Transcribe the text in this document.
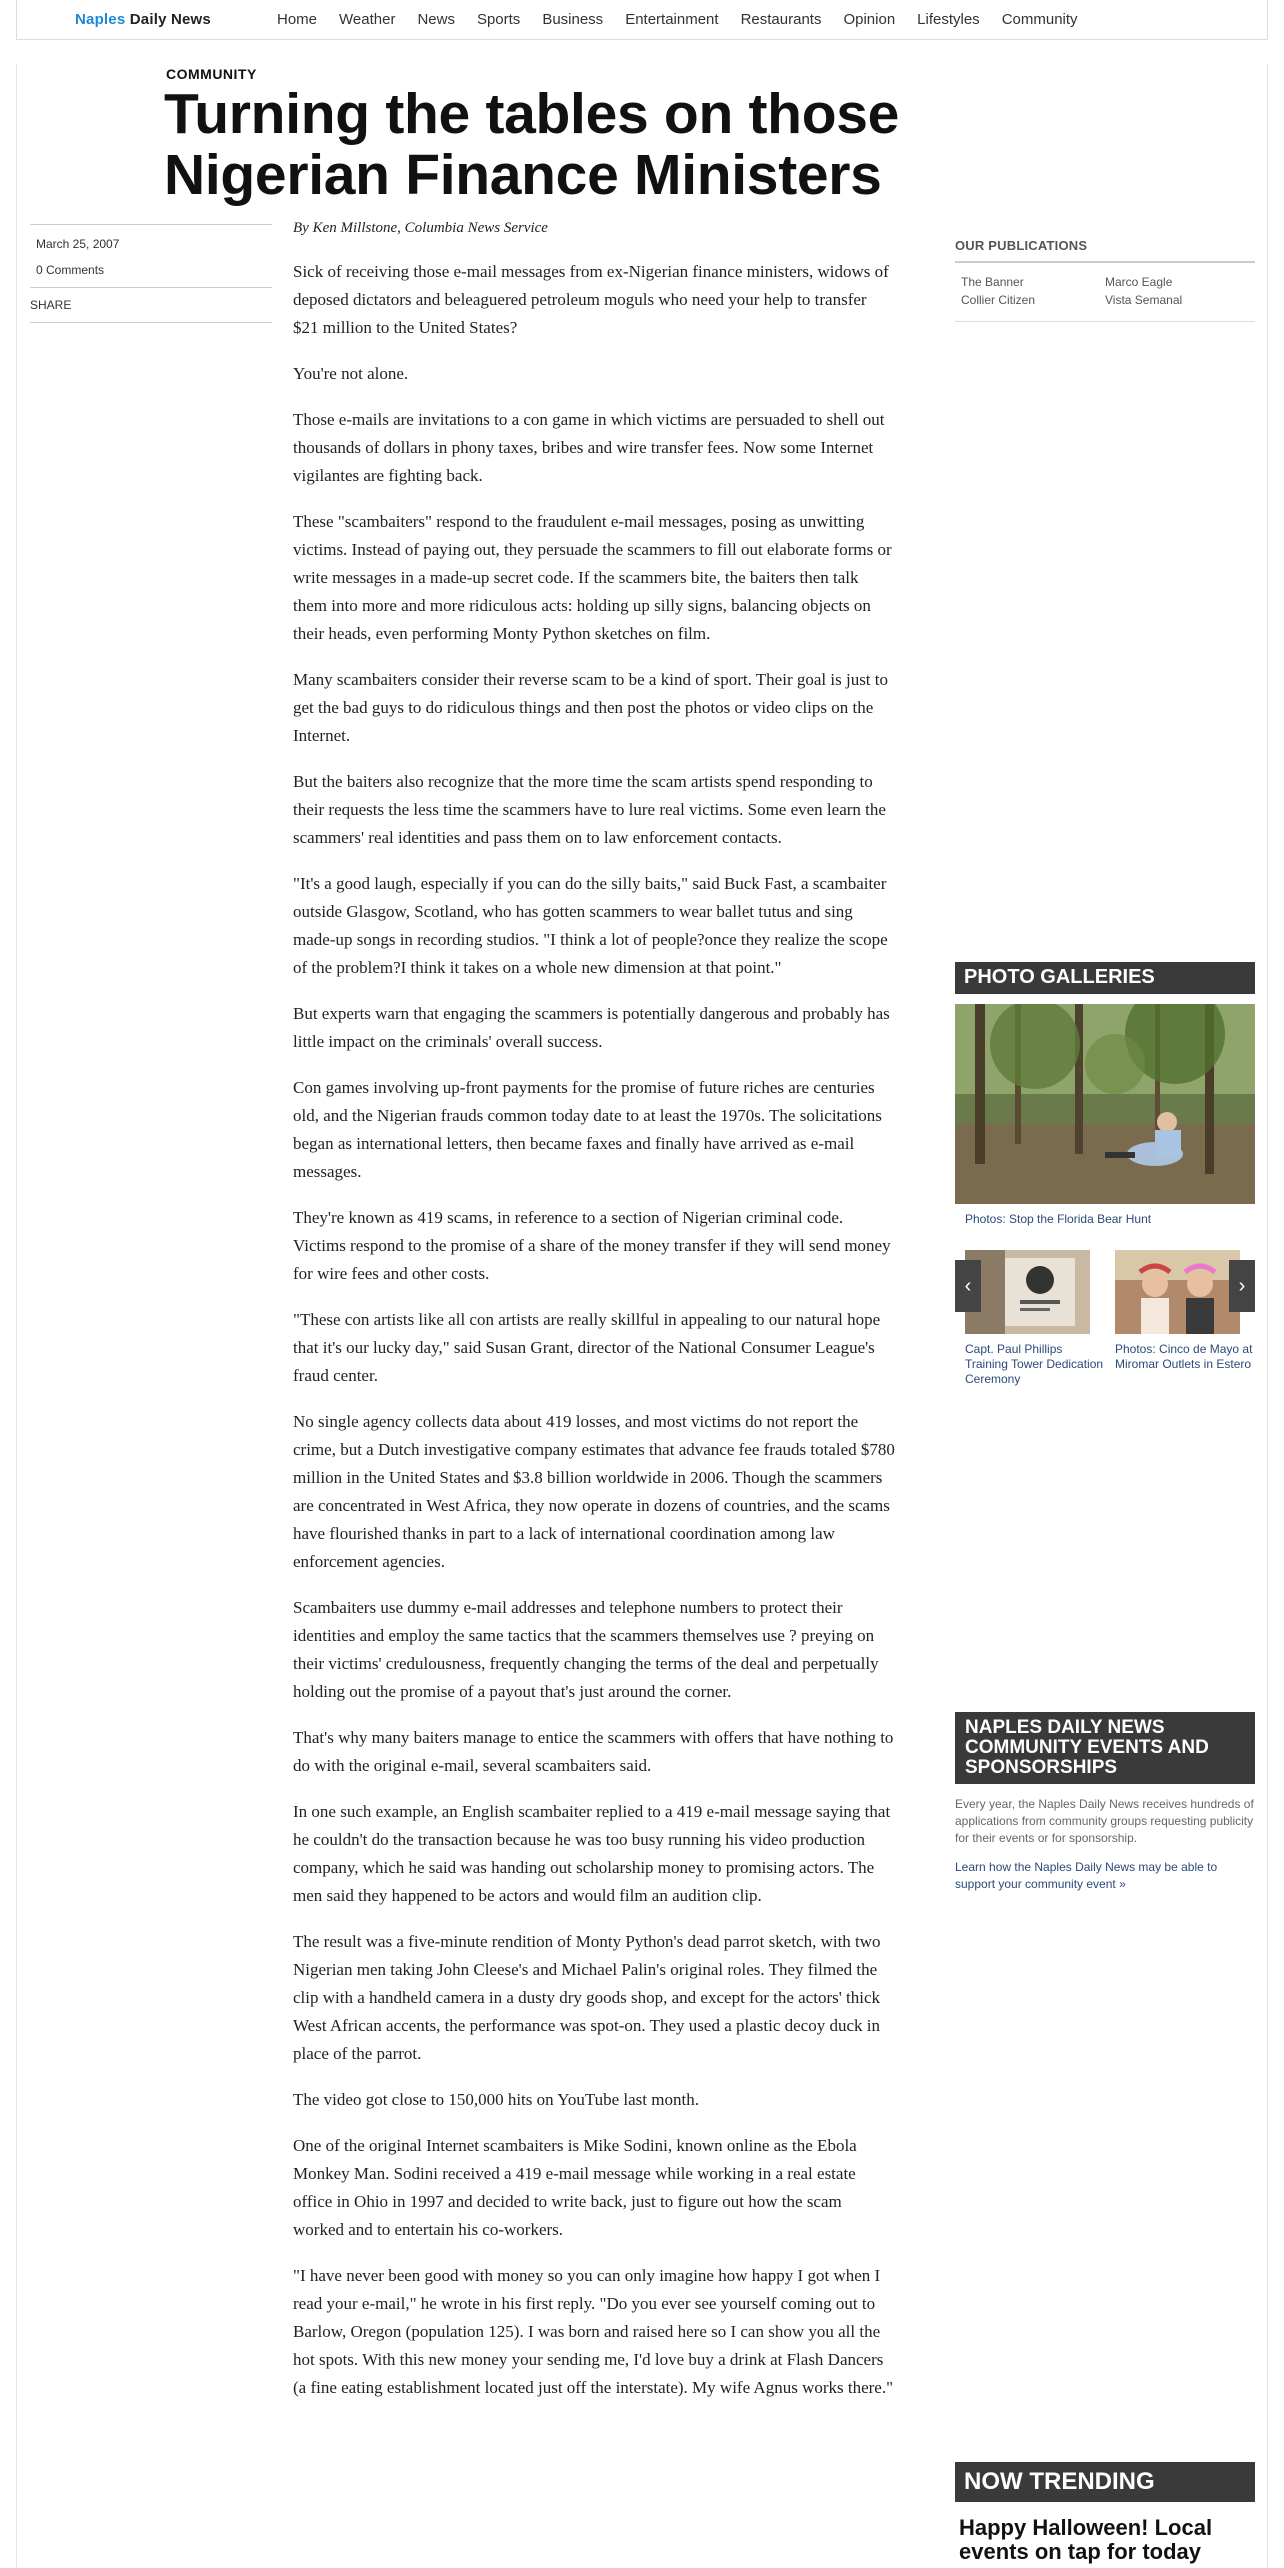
Naples Daily News	Home Weather News Sports Business Entertainment Restaurants Opinion Lifestyles Community
COMMUNITY
Turning the tables on those Nigerian Finance Ministers
March 25, 2007
0 Comments
SHARE
By Ken Millstone, Columbia News Service

Sick of receiving those e-mail messages from ex-Nigerian finance ministers, widows of deposed dictators and beleaguered petroleum moguls who need your help to transfer $21 million to the United States?

You're not alone.

Those e-mails are invitations to a con game in which victims are persuaded to shell out thousands of dollars in phony taxes, bribes and wire transfer fees. Now some Internet vigilantes are fighting back.

These "scambaiters" respond to the fraudulent e-mail messages, posing as unwitting victims. Instead of paying out, they persuade the scammers to fill out elaborate forms or write messages in a made-up secret code. If the scammers bite, the baiters then talk them into more and more ridiculous acts: holding up silly signs, balancing objects on their heads, even performing Monty Python sketches on film.

Many scambaiters consider their reverse scam to be a kind of sport. Their goal is just to get the bad guys to do ridiculous things and then post the photos or video clips on the Internet.

But the baiters also recognize that the more time the scam artists spend responding to their requests the less time the scammers have to lure real victims. Some even learn the scammers' real identities and pass them on to law enforcement contacts.

"It's a good laugh, especially if you can do the silly baits," said Buck Fast, a scambaiter outside Glasgow, Scotland, who has gotten scammers to wear ballet tutus and sing made-up songs in recording studios. "I think a lot of people?once they realize the scope of the problem?I think it takes on a whole new dimension at that point."

But experts warn that engaging the scammers is potentially dangerous and probably has little impact on the criminals' overall success.

Con games involving up-front payments for the promise of future riches are centuries old, and the Nigerian frauds common today date to at least the 1970s. The solicitations began as international letters, then became faxes and finally have arrived as e-mail messages.

They're known as 419 scams, in reference to a section of Nigerian criminal code. Victims respond to the promise of a share of the money transfer if they will send money for wire fees and other costs.

"These con artists like all con artists are really skillful in appealing to our natural hope that it's our lucky day," said Susan Grant, director of the National Consumer League's fraud center.

No single agency collects data about 419 losses, and most victims do not report the crime, but a Dutch investigative company estimates that advance fee frauds totaled $780 million in the United States and $3.8 billion worldwide in 2006. Though the scammers are concentrated in West Africa, they now operate in dozens of countries, and the scams have flourished thanks in part to a lack of international coordination among law enforcement agencies.

Scambaiters use dummy e-mail addresses and telephone numbers to protect their identities and employ the same tactics that the scammers themselves use ? preying on their victims' credulousness, frequently changing the terms of the deal and perpetually holding out the promise of a payout that's just around the corner.

That's why many baiters manage to entice the scammers with offers that have nothing to do with the original e-mail, several scambaiters said.

In one such example, an English scambaiter replied to a 419 e-mail message saying that he couldn't do the transaction because he was too busy running his video production company, which he said was handing out scholarship money to promising actors. The men said they happened to be actors and would film an audition clip.

The result was a five-minute rendition of Monty Python's dead parrot sketch, with two Nigerian men taking John Cleese's and Michael Palin's original roles. They filmed the clip with a handheld camera in a dusty dry goods shop, and except for the actors' thick West African accents, the performance was spot-on. They used a plastic decoy duck in place of the parrot.

The video got close to 150,000 hits on YouTube last month.

One of the original Internet scambaiters is Mike Sodini, known online as the Ebola Monkey Man. Sodini received a 419 e-mail message while working in a real estate office in Ohio in 1997 and decided to write back, just to figure out how the scam worked and to entertain his co-workers.

"I have never been good with money so you can only imagine how happy I got when I read your e-mail," he wrote in his first reply. "Do you ever see yourself coming out to Barlow, Oregon (population 125). I was born and raised here so I can show you all the hot spots. With this new money your sending me, I'd love buy a drink at Flash Dancers (a fine eating establishment located just off the interstate). My wife Agnus works there."

OUR PUBLICATIONS
The Banner	Marco Eagle
Collier Citizen	Vista Semanal
PHOTO GALLERIES
Photos: Stop the Florida Bear Hunt
Capt. Paul Phillips Training Tower Dedication Ceremony
Photos: Cinco de Mayo at Miromar Outlets in Estero
‹	›
NAPLES DAILY NEWS COMMUNITY EVENTS AND SPONSORSHIPS
Every year, the Naples Daily News receives hundreds of applications from community groups requesting publicity for their events or for sponsorship.
Learn how the Naples Daily News may be able to support your community event »
NOW TRENDING
Happy Halloween! Local events on tap for today
